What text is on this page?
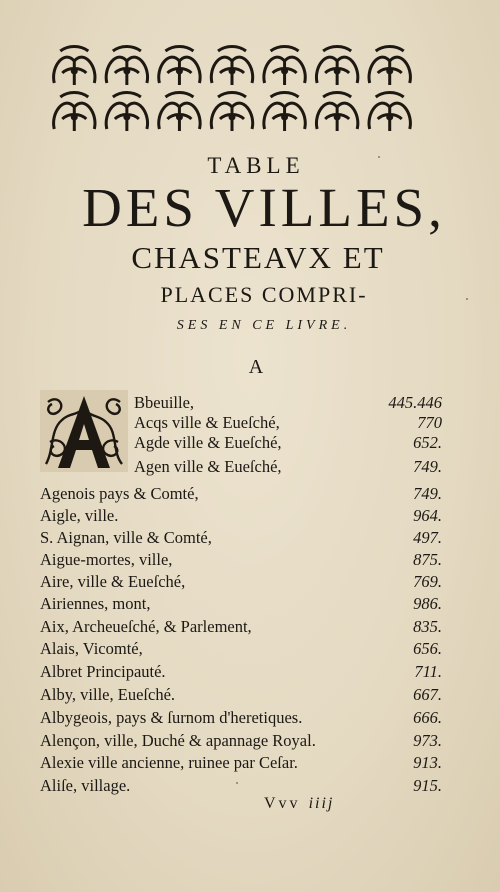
TABLE
DES VILLES,
CHASTEAVX ET
PLACES COMPRI-
SES EN CE LIVRE.
A
Bbeuille,	445.446
Acqs ville & Eueſché,	770
Agde ville & Eueſché,	652.
Agen ville & Eueſché,	749.
Agenois pays & Comté,	749.
Aigle, ville.	964.
S. Aignan, ville & Comté,	497.
Aigue-mortes, ville,	875.
Aire, ville & Eueſché,	769.
Airiennes, mont,	986.
Aix, Archeueſché, & Parlement,	835.
Alais, Vicomté,	656.
Albret Principauté.	711.
Alby, ville, Eueſché.	667.
Albygeois, pays & ſurnom d'heretiques.	666.
Alençon, ville, Duché & apannage Royal.	973.
Alexie ville ancienne, ruinee par Ceſar.	913.
Aliſe, village.	915.
Vvv iiij
